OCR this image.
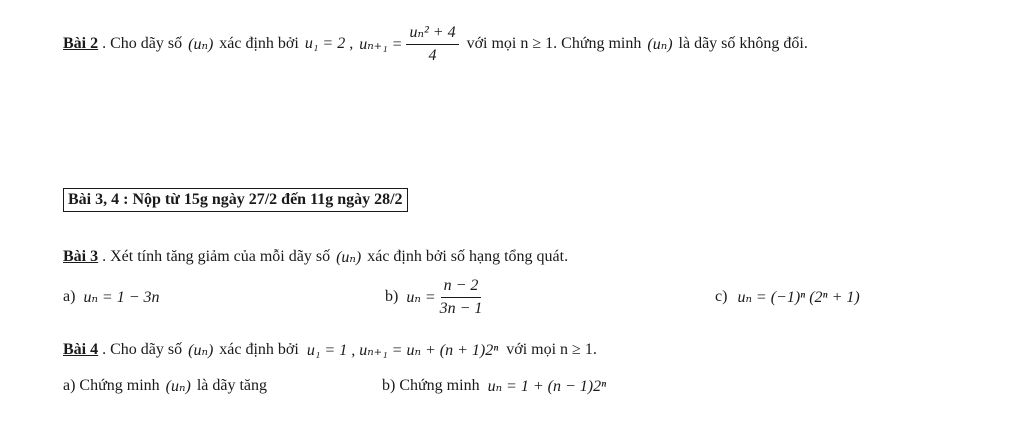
Bài 2 . Cho dãy số (uₙ) xác định bởi u₁ = 2 , $u_{n+1} = \frac{\text{uₙ² + 4}}{4}$ với mọi n ≥ 1. Chứng minh (uₙ) là dãy số không đổi.
Bài 3, 4 : Nộp từ 15g ngày 27/2 đến 11g ngày 28/2
Bài 3 . Xét tính tăng giảm của mỗi dãy số (uₙ) xác định bởi số hạng tổng quát.
a) uₙ = 1 − 3n	b) $u_n = \frac{n - 2}{3n - 1}$	c) uₙ = (−1)ⁿ (2ⁿ + 1)
Bài 4 . Cho dãy số (uₙ) xác định bởi u₁ = 1 , uₙ₊₁ = uₙ + (n + 1)2ⁿ với mọi n ≥ 1.
a) Chứng minh (uₙ) là dãy tăng	b) Chứng minh uₙ = 1 + (n − 1)2ⁿ
